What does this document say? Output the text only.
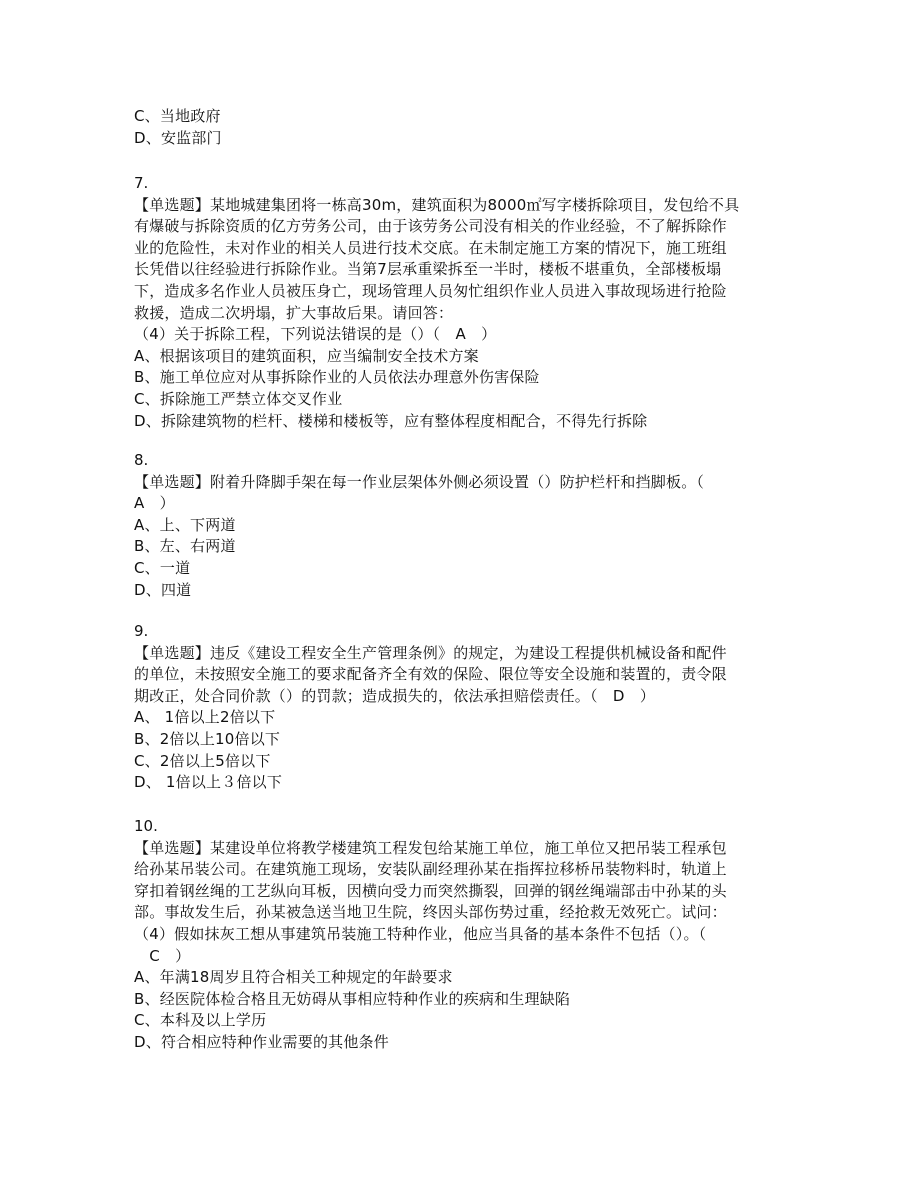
C、当地政府
D、安监部门
7.
【单选题】某地城建集团将一栋高30m，建筑面积为8000㎡写字楼拆除项目，发包给不具
有爆破与拆除资质的亿方劳务公司，由于该劳务公司没有相关的作业经验，不了解拆除作
业的危险性，未对作业的相关人员进行技术交底。在未制定施工方案的情况下，施工班组
长凭借以往经验进行拆除作业。当第7层承重梁拆至一半时，楼板不堪重负，全部楼板塌
下，造成多名作业人员被压身亡，现场管理人员匆忙组织作业人员进入事故现场进行抢险
救援，造成二次坍塌，扩大事故后果。请回答：
（4）关于拆除工程，下列说法错误的是（）（　A　）
A、根据该项目的建筑面积，应当编制安全技术方案
B、施工单位应对从事拆除作业的人员依法办理意外伤害保险
C、拆除施工严禁立体交叉作业
D、拆除建筑物的栏杆、楼梯和楼板等，应有整体程度相配合，不得先行拆除
8.
【单选题】附着升降脚手架在每一作业层架体外侧必须设置（）防护栏杆和挡脚板。（
A　）
A、上、下两道
B、左、右两道
C、一道
D、四道
9.
【单选题】违反《建设工程安全生产管理条例》的规定，为建设工程提供机械设备和配件
的单位，未按照安全施工的要求配备齐全有效的保险、限位等安全设施和装置的，责令限
期改正，处合同价款（）的罚款；造成损失的，依法承担赔偿责任。（　D　）
A、 1倍以上2倍以下
B、2倍以上10倍以下
C、2倍以上5倍以下
D、 1倍以上３倍以下
10.
【单选题】某建设单位将教学楼建筑工程发包给某施工单位，施工单位又把吊装工程承包
给孙某吊装公司。在建筑施工现场，安装队副经理孙某在指挥拉移桥吊装物料时，轨道上
穿扣着钢丝绳的工艺纵向耳板，因横向受力而突然撕裂，回弹的钢丝绳端部击中孙某的头
部。事故发生后，孙某被急送当地卫生院，终因头部伤势过重，经抢救无效死亡。试问：
（4）假如抹灰工想从事建筑吊装施工特种作业，他应当具备的基本条件不包括（）。（
　C　）
A、年满18周岁且符合相关工种规定的年龄要求
B、经医院体检合格且无妨碍从事相应特种作业的疾病和生理缺陷
C、本科及以上学历
D、符合相应特种作业需要的其他条件
